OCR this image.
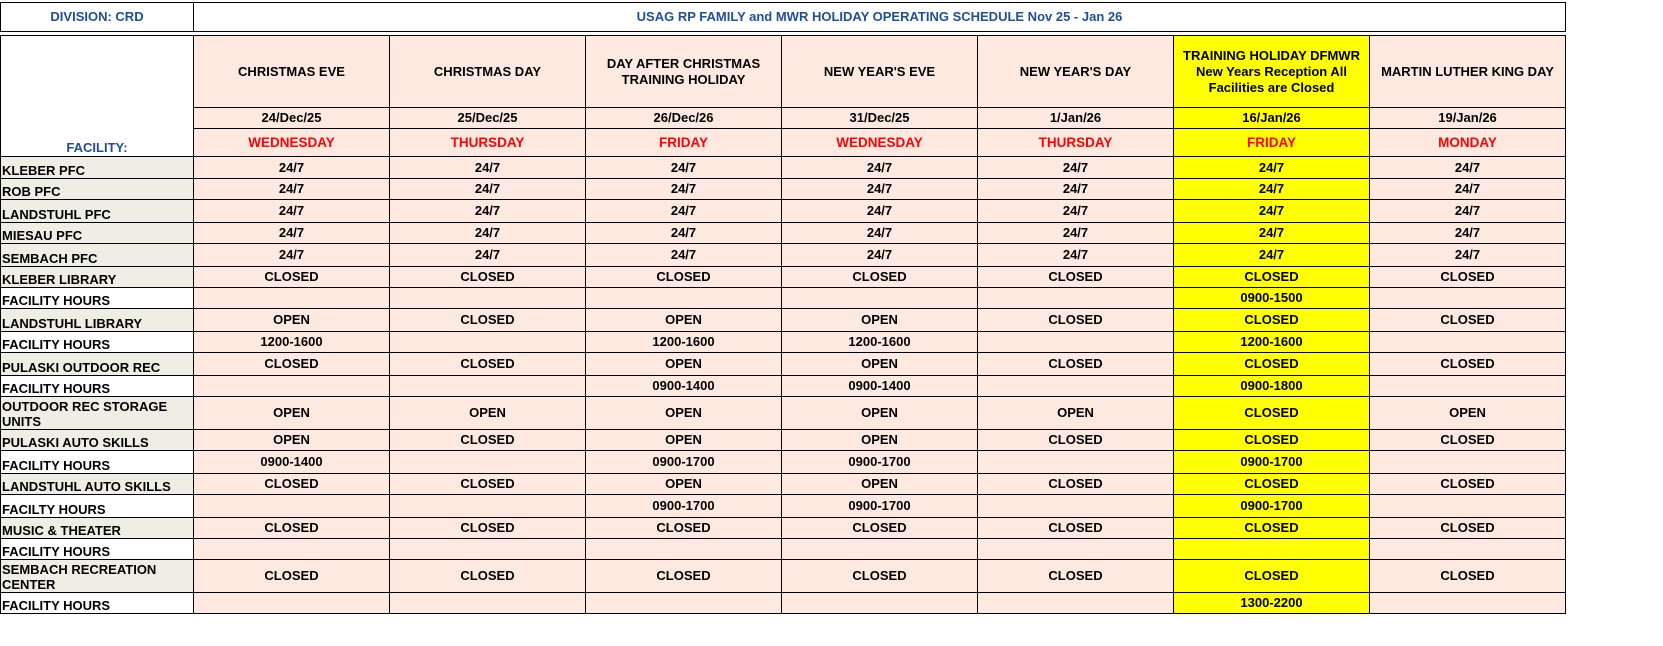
DIVISION: CRD	USAG RP FAMILY and MWR HOLIDAY OPERATING SCHEDULE Nov 25 - Jan 26							

FACILITY:	CHRISTMAS EVE	CHRISTMAS DAY	DAY AFTER CHRISTMAS TRAINING HOLIDAY	NEW YEAR'S EVE	NEW YEAR'S DAY	TRAINING HOLIDAY DFMWR New Years Reception All Facilities are Closed	MARTIN LUTHER KING DAY	
	24/Dec/25	25/Dec/25	26/Dec/26	31/Dec/25	1/Jan/26	16/Jan/26	19/Jan/26	
	WEDNESDAY	THURSDAY	FRIDAY	WEDNESDAY	THURSDAY	FRIDAY	MONDAY	
KLEBER PFC	24/7	24/7	24/7	24/7	24/7	24/7	24/7	
ROB PFC	24/7	24/7	24/7	24/7	24/7	24/7	24/7	
LANDSTUHL PFC	24/7	24/7	24/7	24/7	24/7	24/7	24/7	
MIESAU PFC	24/7	24/7	24/7	24/7	24/7	24/7	24/7	
SEMBACH PFC	24/7	24/7	24/7	24/7	24/7	24/7	24/7	
KLEBER LIBRARY	CLOSED	CLOSED	CLOSED	CLOSED	CLOSED	CLOSED	CLOSED	
FACILITY HOURS						0900-1500		
LANDSTUHL LIBRARY	OPEN	CLOSED	OPEN	OPEN	CLOSED	CLOSED	CLOSED	
FACILITY HOURS	1200-1600		1200-1600	1200-1600		1200-1600		
PULASKI OUTDOOR REC	CLOSED	CLOSED	OPEN	OPEN	CLOSED	CLOSED	CLOSED	
FACILITY HOURS			0900-1400	0900-1400		0900-1800		
OUTDOOR REC STORAGE UNITS	OPEN	OPEN	OPEN	OPEN	OPEN	CLOSED	OPEN	
PULASKI AUTO SKILLS	OPEN	CLOSED	OPEN	OPEN	CLOSED	CLOSED	CLOSED	
FACILITY HOURS	0900-1400		0900-1700	0900-1700		0900-1700		
LANDSTUHL AUTO SKILLS	CLOSED	CLOSED	OPEN	OPEN	CLOSED	CLOSED	CLOSED	
FACILTY HOURS			0900-1700	0900-1700		0900-1700		
MUSIC & THEATER	CLOSED	CLOSED	CLOSED	CLOSED	CLOSED	CLOSED	CLOSED	
FACILITY HOURS								
SEMBACH RECREATION CENTER	CLOSED	CLOSED	CLOSED	CLOSED	CLOSED	CLOSED	CLOSED	
FACILITY HOURS						1300-2200		
